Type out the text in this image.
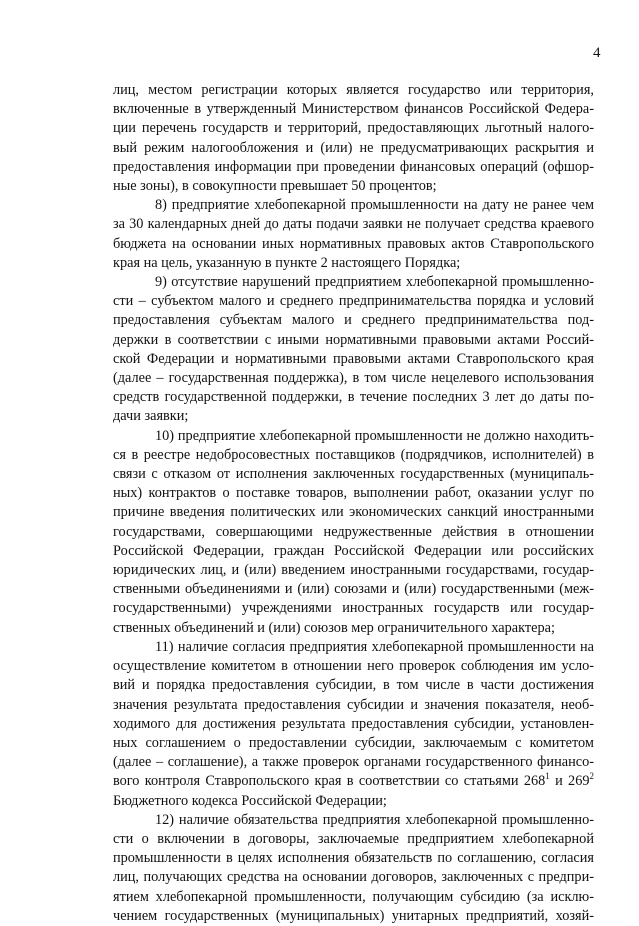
4

лиц, местом регистрации которых является государство или территория,
включенные в утвержденный Министерством финансов Российской Федера-
ции перечень государств и территорий, предоставляющих льготный налого-
вый режим налогообложения и (или) не предусматривающих раскрытия и
предоставления информации при проведении финансовых операций (офшор-
ные зоны), в совокупности превышает 50 процентов;

8) предприятие хлебопекарной промышленности на дату не ранее чем
за 30 календарных дней до даты подачи заявки не получает средства краевого
бюджета на основании иных нормативных правовых актов Ставропольского
края на цель, указанную в пункте 2 настоящего Порядка;

9) отсутствие нарушений предприятием хлебопекарной промышленно-
сти – субъектом малого и среднего предпринимательства порядка и условий
предоставления субъектам малого и среднего предпринимательства под-
держки в соответствии с иными нормативными правовыми актами Россий-
ской Федерации и нормативными правовыми актами Ставропольского края
(далее – государственная поддержка), в том числе нецелевого использования
средств государственной поддержки, в течение последних 3 лет до даты по-
дачи заявки;

10) предприятие хлебопекарной промышленности не должно находить-
ся в реестре недобросовестных поставщиков (подрядчиков, исполнителей) в
связи с отказом от исполнения заключенных государственных (муниципаль-
ных) контрактов о поставке товаров, выполнении работ, оказании услуг по
причине введения политических или экономических санкций иностранными
государствами, совершающими недружественные действия в отношении
Российской Федерации, граждан Российской Федерации или российских
юридических лиц, и (или) введением иностранными государствами, государ-
ственными объединениями и (или) союзами и (или) государственными (меж-
государственными) учреждениями иностранных государств или государ-
ственных объединений и (или) союзов мер ограничительного характера;

11) наличие согласия предприятия хлебопекарной промышленности на
осуществление комитетом в отношении него проверок соблюдения им усло-
вий и порядка предоставления субсидии, в том числе в части достижения
значения результата предоставления субсидии и значения показателя, необ-
ходимого для достижения результата предоставления субсидии, установлен-
ных соглашением о предоставлении субсидии, заключаемым с комитетом
(далее – соглашение), а также проверок органами государственного финансо-
вого контроля Ставропольского края в соответствии со статьями $268^1$ и $269^2$
Бюджетного кодекса Российской Федерации;

12) наличие обязательства предприятия хлебопекарной промышленно-
сти о включении в договоры, заключаемые предприятием хлебопекарной
промышленности в целях исполнения обязательств по соглашению, согласия
лиц, получающих средства на основании договоров, заключенных с предпри-
ятием хлебопекарной промышленности, получающим субсидию (за исклю-
чением государственных (муниципальных) унитарных предприятий, хозяй-
